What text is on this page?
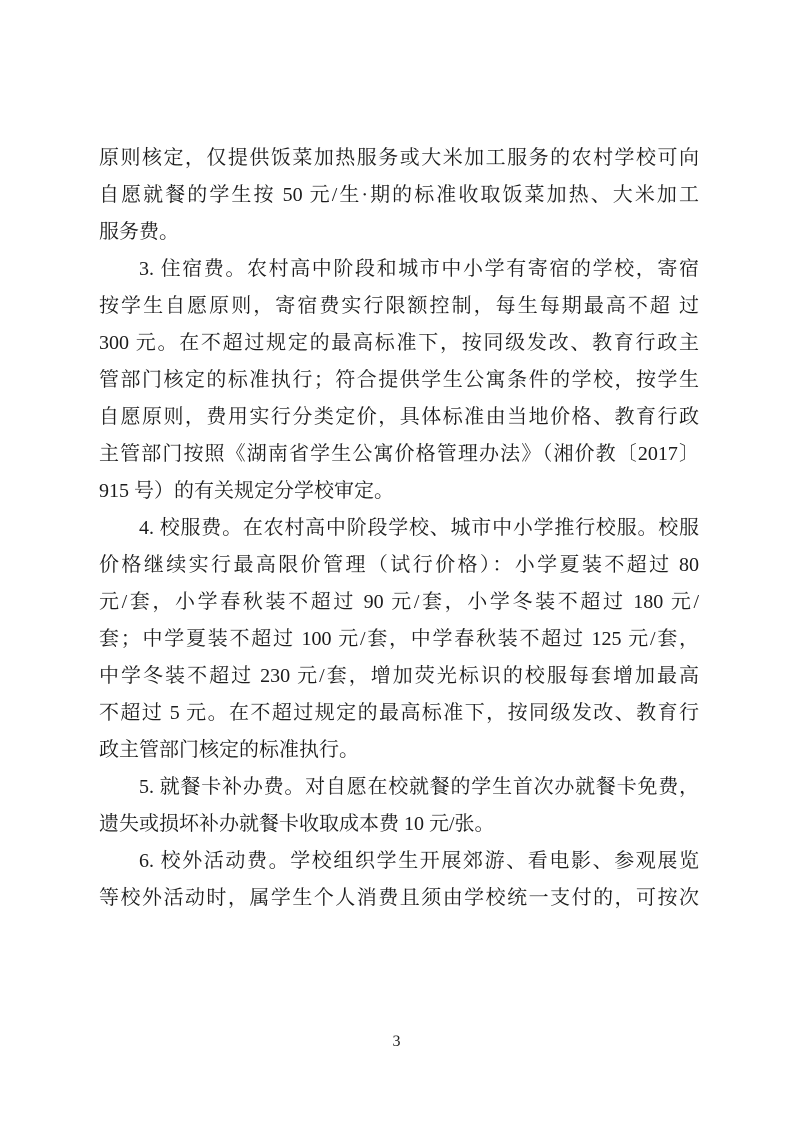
原则核定，仅提供饭菜加热服务或大米加工服务的农村学校可向
自愿就餐的学生按 50 元/生·期的标准收取饭菜加热、大米加工
服务费。
3. 住宿费。农村高中阶段和城市中小学有寄宿的学校，寄宿
按学生自愿原则，寄宿费实行限额控制，每生每期最高不超 过
300 元。在不超过规定的最高标准下，按同级发改、教育行政主
管部门核定的标准执行；符合提供学生公寓条件的学校，按学生
自愿原则，费用实行分类定价，具体标准由当地价格、教育行政
主管部门按照《湖南省学生公寓价格管理办法》（湘价教〔2017〕
915 号）的有关规定分学校审定。
4. 校服费。在农村高中阶段学校、城市中小学推行校服。校服
价格继续实行最高限价管理（试行价格）：小学夏装不超过 80
元/套，小学春秋装不超过 90 元/套，小学冬装不超过 180 元/
套；中学夏装不超过 100 元/套，中学春秋装不超过 125 元/套，
中学冬装不超过 230 元/套，增加荧光标识的校服每套增加最高
不超过 5 元。在不超过规定的最高标准下，按同级发改、教育行
政主管部门核定的标准执行。
5. 就餐卡补办费。对自愿在校就餐的学生首次办就餐卡免费，
遗失或损坏补办就餐卡收取成本费 10 元/张。
6. 校外活动费。学校组织学生开展郊游、看电影、参观展览
等校外活动时，属学生个人消费且须由学校统一支付的，可按次
3
